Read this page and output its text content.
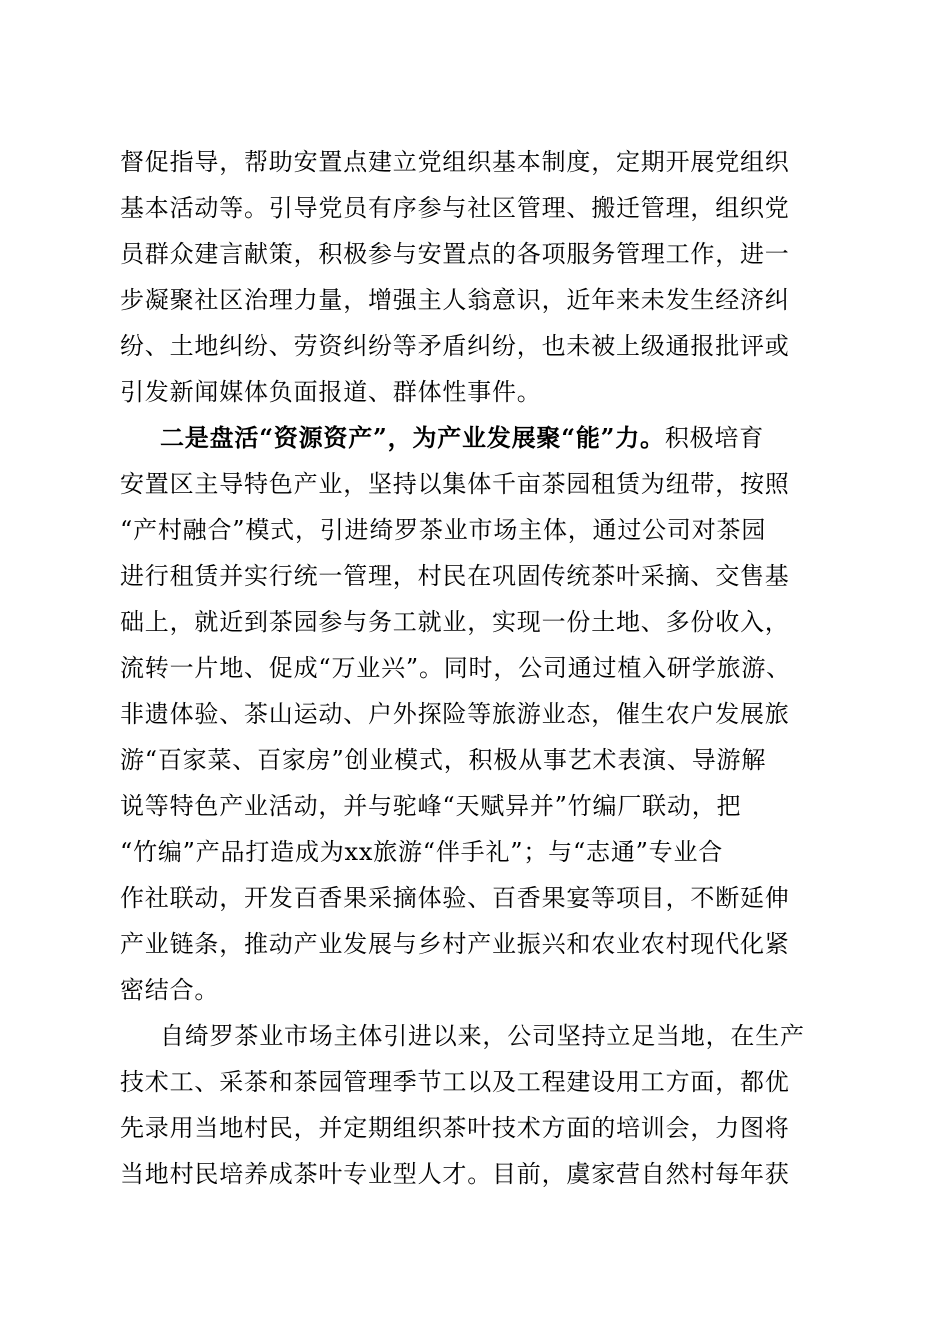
督促指导，帮助安置点建立党组织基本制度，定期开展党组织
基本活动等。引导党员有序参与社区管理、搬迁管理，组织党
员群众建言献策，积极参与安置点的各项服务管理工作，进一
步凝聚社区治理力量，增强主人翁意识，近年来未发生经济纠
纷、土地纠纷、劳资纠纷等矛盾纠纷，也未被上级通报批评或
引发新闻媒体负面报道、群体性事件。
二是盘活“资源资产”，为产业发展聚“能”力。积极培育
安置区主导特色产业，坚持以集体千亩茶园租赁为纽带，按照
“产村融合”模式，引进绮罗茶业市场主体，通过公司对茶园
进行租赁并实行统一管理，村民在巩固传统茶叶采摘、交售基
础上，就近到茶园参与务工就业，实现一份土地、多份收入，
流转一片地、促成“万业兴”。同时，公司通过植入研学旅游、
非遗体验、茶山运动、户外探险等旅游业态，催生农户发展旅
游“百家菜、百家房”创业模式，积极从事艺术表演、导游解
说等特色产业活动，并与驼峰“天赋异并”竹编厂联动，把
“竹编”产品打造成为xx旅游“伴手礼”；与“志通”专业合
作社联动，开发百香果采摘体验、百香果宴等项目，不断延伸
产业链条，推动产业发展与乡村产业振兴和农业农村现代化紧
密结合。
自绮罗茶业市场主体引进以来，公司坚持立足当地，在生产
技术工、采茶和茶园管理季节工以及工程建设用工方面，都优
先录用当地村民，并定期组织茶叶技术方面的培训会，力图将
当地村民培养成茶叶专业型人才。目前，虞家营自然村每年获
